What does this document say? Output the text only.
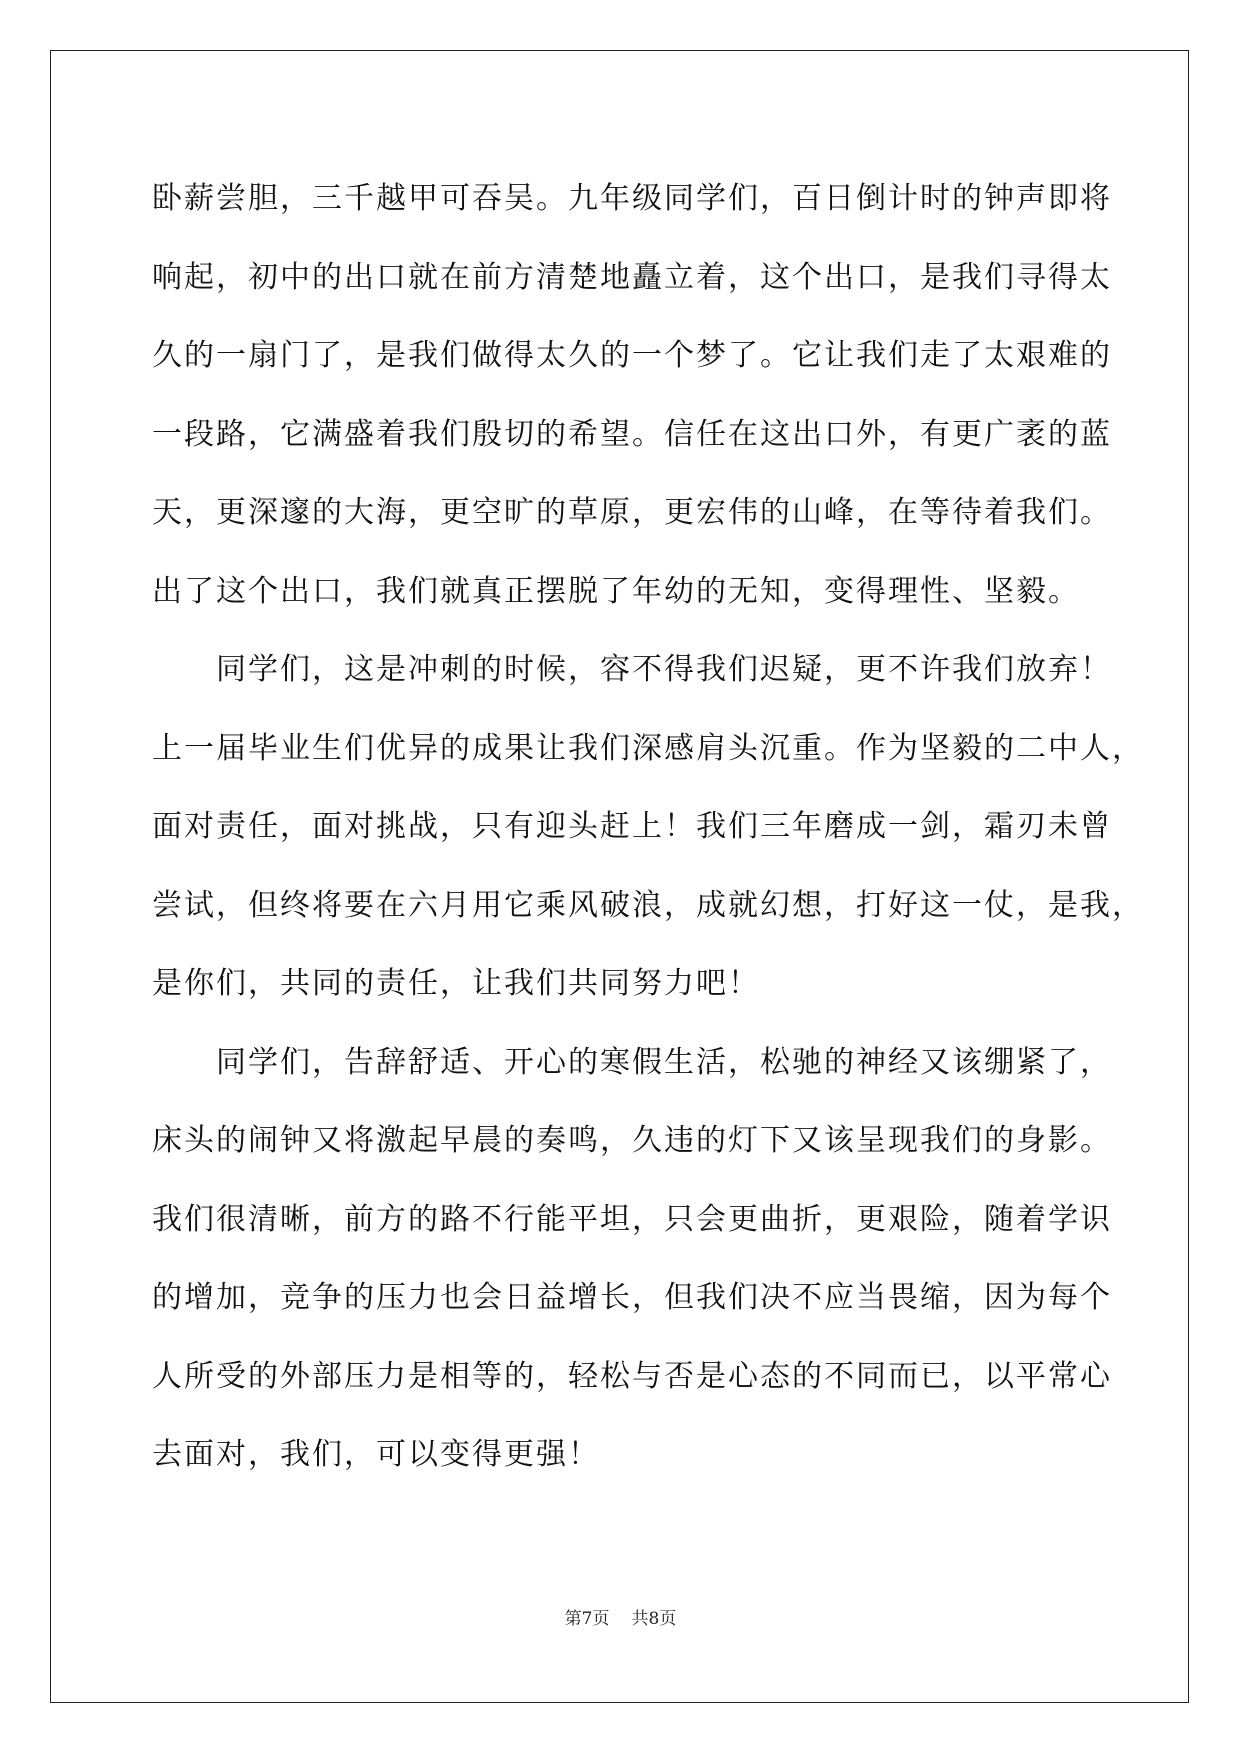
卧薪尝胆，三千越甲可吞吴。九年级同学们，百日倒计时的钟声即将
响起，初中的出口就在前方清楚地矗立着，这个出口，是我们寻得太
久的一扇门了，是我们做得太久的一个梦了。它让我们走了太艰难的
一段路，它满盛着我们殷切的希望。信任在这出口外，有更广袤的蓝
天，更深邃的大海，更空旷的草原，更宏伟的山峰，在等待着我们。
出了这个出口，我们就真正摆脱了年幼的无知，变得理性、坚毅。
同学们，这是冲刺的时候，容不得我们迟疑，更不许我们放弃！
上一届毕业生们优异的成果让我们深感肩头沉重。作为坚毅的二中人，
面对责任，面对挑战，只有迎头赶上！我们三年磨成一剑，霜刃未曾
尝试，但终将要在六月用它乘风破浪，成就幻想，打好这一仗，是我，
是你们，共同的责任，让我们共同努力吧！
同学们，告辞舒适、开心的寒假生活，松驰的神经又该绷紧了，
床头的闹钟又将激起早晨的奏鸣，久违的灯下又该呈现我们的身影。
我们很清晰，前方的路不行能平坦，只会更曲折，更艰险，随着学识
的增加，竞争的压力也会日益增长，但我们决不应当畏缩，因为每个
人所受的外部压力是相等的，轻松与否是心态的不同而已，以平常心
去面对，我们，可以变得更强！
第7页 共8页
